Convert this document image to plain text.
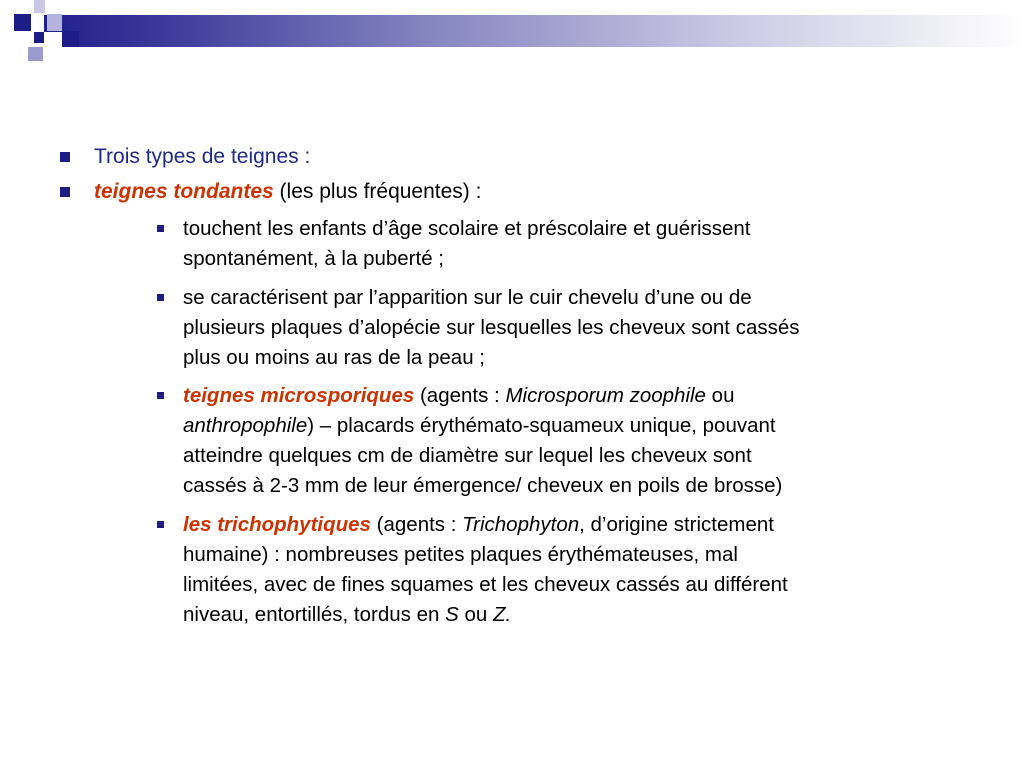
Trois types de teignes :
teignes tondantes (les plus fréquentes) :
touchent les enfants d’âge scolaire et préscolaire et guérissent
spontanément, à la puberté ;
se caractérisent par l’apparition sur le cuir chevelu d’une ou de
plusieurs plaques d’alopécie sur lesquelles les cheveux sont cassés
plus ou moins au ras de la peau ;
teignes microsporiques (agents : Microsporum zoophile ou
anthropophile) – placards érythémato-squameux unique, pouvant
atteindre quelques cm de diamètre sur lequel les cheveux sont
cassés à 2-3 mm de leur émergence/ cheveux en poils de brosse)
les trichophytiques (agents : Trichophyton, d’origine strictement
humaine) : nombreuses petites plaques érythémateuses, mal
limitées, avec de fines squames et les cheveux cassés au différent
niveau, entortillés, tordus en S ou Z.
